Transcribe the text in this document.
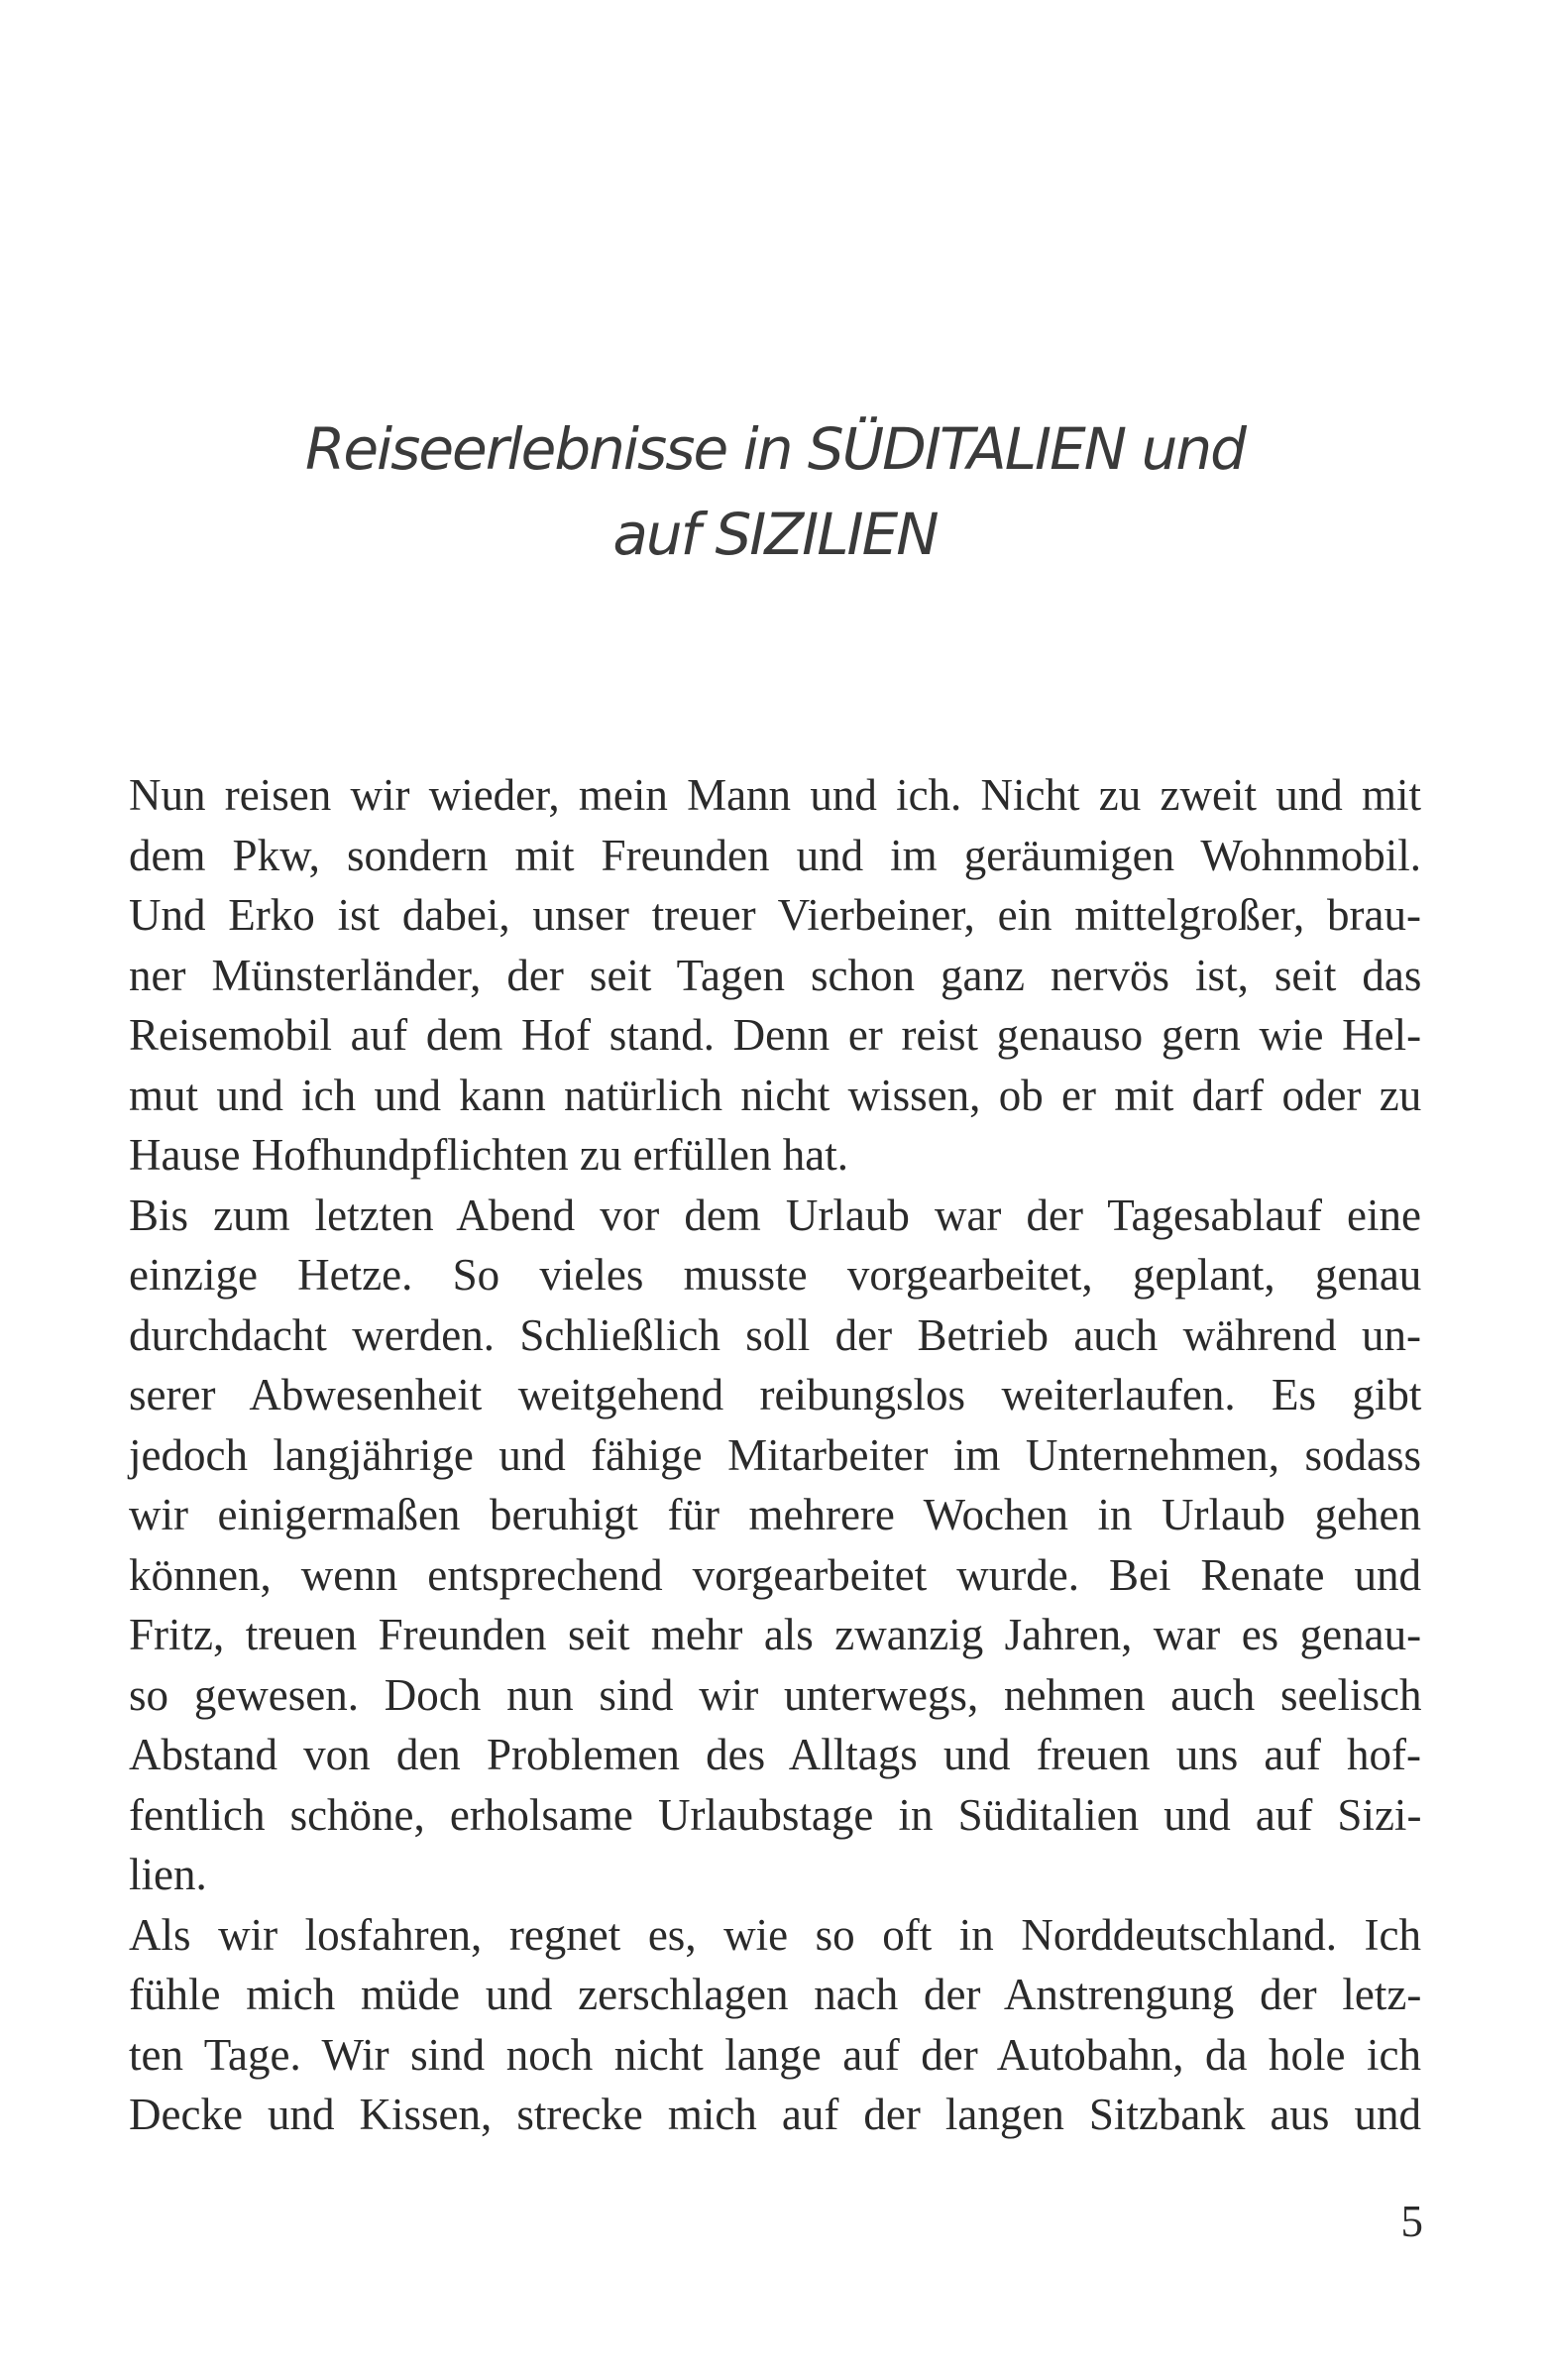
Reiseerlebnisse in SÜDITALIEN und
auf SIZILIEN

Nun reisen wir wieder, mein Mann und ich. Nicht zu zweit und mit
dem Pkw, sondern mit Freunden und im geräumigen Wohnmobil.
Und Erko ist dabei, unser treuer Vierbeiner, ein mittelgroßer, brau-
ner Münsterländer, der seit Tagen schon ganz nervös ist, seit das
Reisemobil auf dem Hof stand. Denn er reist genauso gern wie Hel-
mut und ich und kann natürlich nicht wissen, ob er mit darf oder zu
Hause Hofhundpflichten zu erfüllen hat.

Bis zum letzten Abend vor dem Urlaub war der Tagesablauf eine
einzige Hetze. So vieles musste vorgearbeitet, geplant, genau
durchdacht werden. Schließlich soll der Betrieb auch während un-
serer Abwesenheit weitgehend reibungslos weiterlaufen. Es gibt
jedoch langjährige und fähige Mitarbeiter im Unternehmen, sodass
wir einigermaßen beruhigt für mehrere Wochen in Urlaub gehen
können, wenn entsprechend vorgearbeitet wurde. Bei Renate und
Fritz, treuen Freunden seit mehr als zwanzig Jahren, war es genau-
so gewesen. Doch nun sind wir unterwegs, nehmen auch seelisch
Abstand von den Problemen des Alltags und freuen uns auf hof-
fentlich schöne, erholsame Urlaubstage in Süditalien und auf Sizi-
lien.

Als wir losfahren, regnet es, wie so oft in Norddeutschland. Ich
fühle mich müde und zerschlagen nach der Anstrengung der letz-
ten Tage. Wir sind noch nicht lange auf der Autobahn, da hole ich
Decke und Kissen, strecke mich auf der langen Sitzbank aus und

5
